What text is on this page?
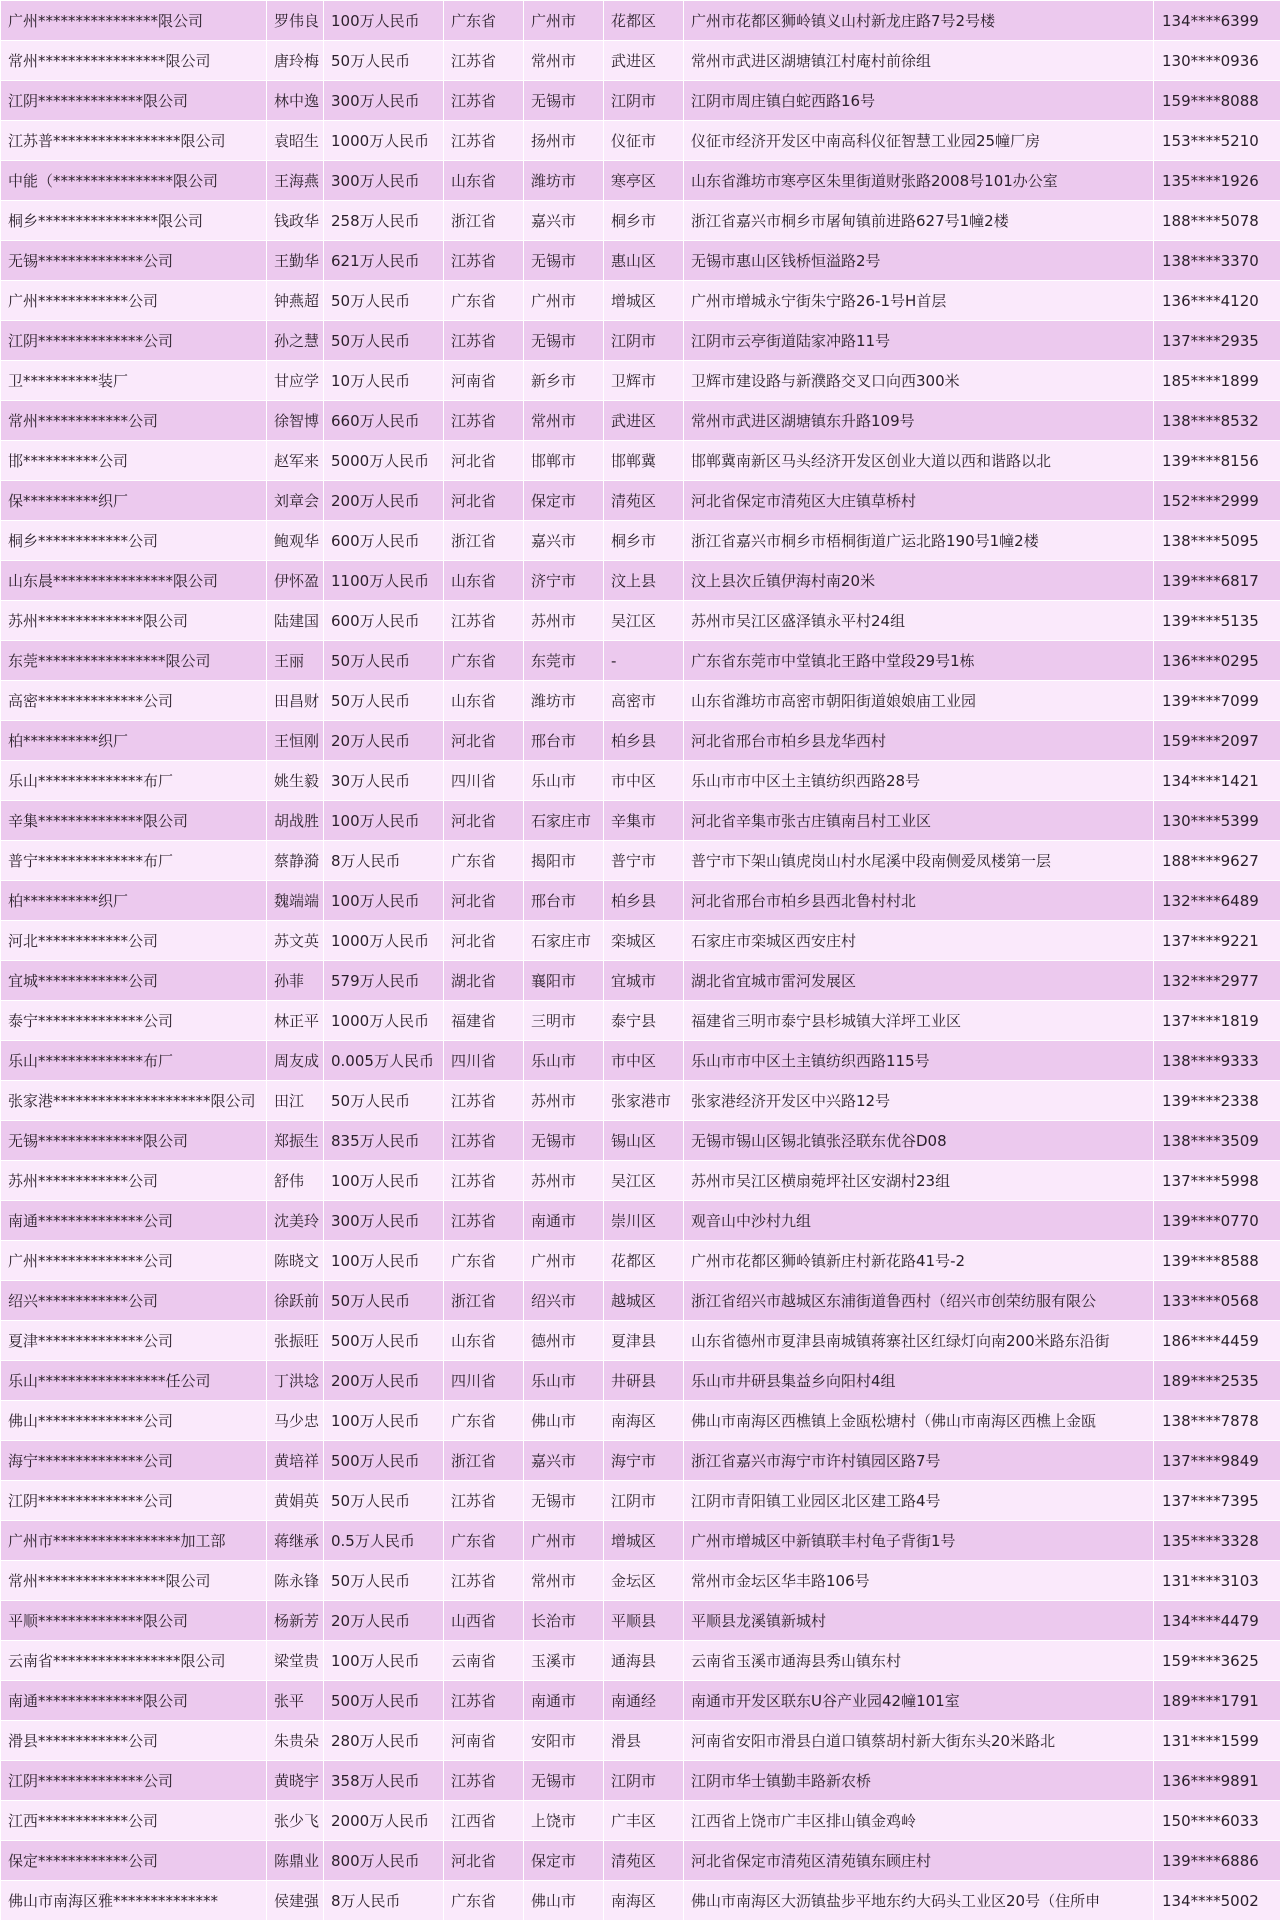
广州****************限公司	罗伟良	100万人民币	广东省	广州市	花都区	广州市花都区狮岭镇义山村新龙庄路7号2号楼	134****6399
常州*****************限公司	唐玲梅	50万人民币	江苏省	常州市	武进区	常州市武进区湖塘镇江村庵村前徐组	130****0936
江阴**************限公司	林中逸	300万人民币	江苏省	无锡市	江阴市	江阴市周庄镇白蛇西路16号	159****8088
江苏普*****************限公司	袁昭生	1000万人民币	江苏省	扬州市	仪征市	仪征市经济开发区中南高科仪征智慧工业园25幢厂房	153****5210
中能（****************限公司	王海燕	300万人民币	山东省	潍坊市	寒亭区	山东省潍坊市寒亭区朱里街道财张路2008号101办公室	135****1926
桐乡****************限公司	钱政华	258万人民币	浙江省	嘉兴市	桐乡市	浙江省嘉兴市桐乡市屠甸镇前进路627号1幢2楼	188****5078
无锡**************公司	王勤华	621万人民币	江苏省	无锡市	惠山区	无锡市惠山区钱桥恒溢路2号	138****3370
广州************公司	钟燕超	50万人民币	广东省	广州市	增城区	广州市增城永宁街朱宁路26-1号H首层	136****4120
江阴**************公司	孙之慧	50万人民币	江苏省	无锡市	江阴市	江阴市云亭街道陆家冲路11号	137****2935
卫**********装厂	甘应学	10万人民币	河南省	新乡市	卫辉市	卫辉市建设路与新濮路交叉口向西300米	185****1899
常州************公司	徐智博	660万人民币	江苏省	常州市	武进区	常州市武进区湖塘镇东升路109号	138****8532
邯**********公司	赵军来	5000万人民币	河北省	邯郸市	邯郸冀	邯郸冀南新区马头经济开发区创业大道以西和谐路以北	139****8156
保**********织厂	刘章会	200万人民币	河北省	保定市	清苑区	河北省保定市清苑区大庄镇草桥村	152****2999
桐乡************公司	鲍观华	600万人民币	浙江省	嘉兴市	桐乡市	浙江省嘉兴市桐乡市梧桐街道广运北路190号1幢2楼	138****5095
山东晨****************限公司	伊怀盈	1100万人民币	山东省	济宁市	汶上县	汶上县次丘镇伊海村南20米	139****6817
苏州**************限公司	陆建国	600万人民币	江苏省	苏州市	吴江区	苏州市吴江区盛泽镇永平村24组	139****5135
东莞*****************限公司	王丽	50万人民币	广东省	东莞市	-	广东省东莞市中堂镇北王路中堂段29号1栋	136****0295
高密**************公司	田昌财	50万人民币	山东省	潍坊市	高密市	山东省潍坊市高密市朝阳街道娘娘庙工业园	139****7099
柏**********织厂	王恒刚	20万人民币	河北省	邢台市	柏乡县	河北省邢台市柏乡县龙华西村	159****2097
乐山**************布厂	姚生毅	30万人民币	四川省	乐山市	市中区	乐山市市中区土主镇纺织西路28号	134****1421
辛集**************限公司	胡战胜	100万人民币	河北省	石家庄市	辛集市	河北省辛集市张古庄镇南吕村工业区	130****5399
普宁**************布厂	蔡静漪	8万人民币	广东省	揭阳市	普宁市	普宁市下架山镇虎岗山村水尾溪中段南侧爱凤楼第一层	188****9627
柏**********织厂	魏端端	100万人民币	河北省	邢台市	柏乡县	河北省邢台市柏乡县西北鲁村村北	132****6489
河北************公司	苏文英	1000万人民币	河北省	石家庄市	栾城区	石家庄市栾城区西安庄村	137****9221
宜城************公司	孙菲	579万人民币	湖北省	襄阳市	宜城市	湖北省宜城市雷河发展区	132****2977
泰宁**************公司	林正平	1000万人民币	福建省	三明市	泰宁县	福建省三明市泰宁县杉城镇大洋坪工业区	137****1819
乐山**************布厂	周友成	0.005万人民币	四川省	乐山市	市中区	乐山市市中区土主镇纺织西路115号	138****9333
张家港*********************限公司	田江	50万人民币	江苏省	苏州市	张家港市	张家港经济开发区中兴路12号	139****2338
无锡**************限公司	郑振生	835万人民币	江苏省	无锡市	锡山区	无锡市锡山区锡北镇张泾联东优谷D08	138****3509
苏州************公司	舒伟	100万人民币	江苏省	苏州市	吴江区	苏州市吴江区横扇菀坪社区安湖村23组	137****5998
南通**************公司	沈美玲	300万人民币	江苏省	南通市	崇川区	观音山中沙村九组	139****0770
广州**************公司	陈晓文	100万人民币	广东省	广州市	花都区	广州市花都区狮岭镇新庄村新花路41号-2	139****8588
绍兴************公司	徐跃前	50万人民币	浙江省	绍兴市	越城区	浙江省绍兴市越城区东浦街道鲁西村（绍兴市创荣纺服有限公	133****0568
夏津**************公司	张振旺	500万人民币	山东省	德州市	夏津县	山东省德州市夏津县南城镇蒋寨社区红绿灯向南200米路东沿街	186****4459
乐山*****************任公司	丁洪埝	200万人民币	四川省	乐山市	井研县	乐山市井研县集益乡向阳村4组	189****2535
佛山**************公司	马少忠	100万人民币	广东省	佛山市	南海区	佛山市南海区西樵镇上金瓯松塘村（佛山市南海区西樵上金瓯	138****7878
海宁**************公司	黄培祥	500万人民币	浙江省	嘉兴市	海宁市	浙江省嘉兴市海宁市许村镇园区路7号	137****9849
江阴**************公司	黄娟英	50万人民币	江苏省	无锡市	江阴市	江阴市青阳镇工业园区北区建工路4号	137****7395
广州市*****************加工部	蒋继承	0.5万人民币	广东省	广州市	增城区	广州市增城区中新镇联丰村龟子背街1号	135****3328
常州*****************限公司	陈永锋	50万人民币	江苏省	常州市	金坛区	常州市金坛区华丰路106号	131****3103
平顺**************限公司	杨新芳	20万人民币	山西省	长治市	平顺县	平顺县龙溪镇新城村	134****4479
云南省*****************限公司	梁堂贵	100万人民币	云南省	玉溪市	通海县	云南省玉溪市通海县秀山镇东村	159****3625
南通**************限公司	张平	500万人民币	江苏省	南通市	南通经	南通市开发区联东U谷产业园42幢101室	189****1791
滑县************公司	朱贵朵	280万人民币	河南省	安阳市	滑县	河南省安阳市滑县白道口镇蔡胡村新大街东头20米路北	131****1599
江阴**************公司	黄晓宇	358万人民币	江苏省	无锡市	江阴市	江阴市华士镇勤丰路新农桥	136****9891
江西************公司	张少飞	2000万人民币	江西省	上饶市	广丰区	江西省上饶市广丰区排山镇金鸡岭	150****6033
保定************公司	陈鼎业	800万人民币	河北省	保定市	清苑区	河北省保定市清苑区清苑镇东顾庄村	139****6886
佛山市南海区雅**************	侯建强	8万人民币	广东省	佛山市	南海区	佛山市南海区大沥镇盐步平地东约大码头工业区20号（住所申	134****5002
